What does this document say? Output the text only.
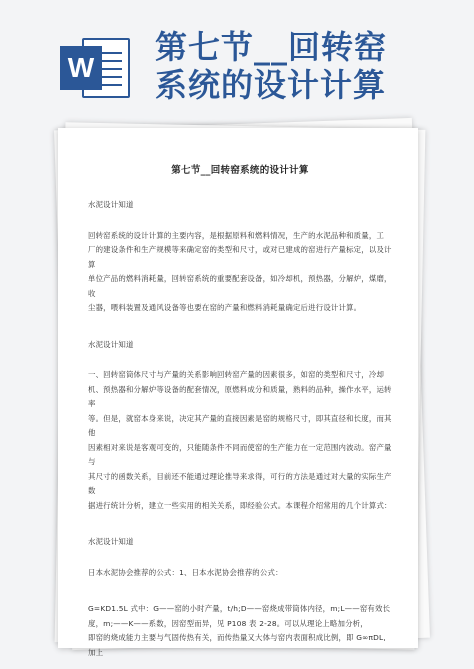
W
第七节__回转窑
系统的设计计算
第七节__回转窑系统的设计计算

水泥设计知道

回转窑系统的设计计算的主要内容，是根据原料和燃料情况，生产的水泥品种和质量，工

厂的建设条件和生产规模等来确定窑的类型和尺寸，或对已建成的窑进行产量标定，以及计算

单位产品的燃料消耗量，回转窑系统的重要配套设备，如冷却机，预热器，分解炉，煤磨，收

尘器，喂料装置及通风设备等也要在窑的产量和燃料消耗量确定后进行设计计算。

水泥设计知道

一、回转窑筒体尺寸与产量的关系影响回转窑产量的因素很多，如窑的类型和尺寸，冷却

机、预热器和分解炉等设备的配套情况，原燃料成分和质量，熟料的品种，操作水平，运转率

等。但是，就窑本身来说，决定其产量的直接因素是窑的规格尺寸，即其直径和长度，而其他

因素相对来说是客观可变的，只能随条件不同而使窑的生产能力在一定范围内波动。窑产量与

其尺寸的函数关系，目前还不能通过理论推导来求得，可行的方法是通过对大量的实际生产数

据进行统计分析，建立一些实用的相关关系，即经验公式。本课程介绍常用的几个计算式：

水泥设计知道

日本水泥协会推荐的公式：1、日本水泥协会推荐的公式：

G=KD1.5L 式中：G——窑的小时产量，t/h;D——窑烧成带筒体内径，m;L——窑有效长

度，m;——K——系数，因窑型而异，见 P108 表 2-28。可以从理论上略加分析，

即窑的烧成能力主要与气固传热有关，而传热量又大体与窑内表面积成比例，即 G∞πDL,加上
